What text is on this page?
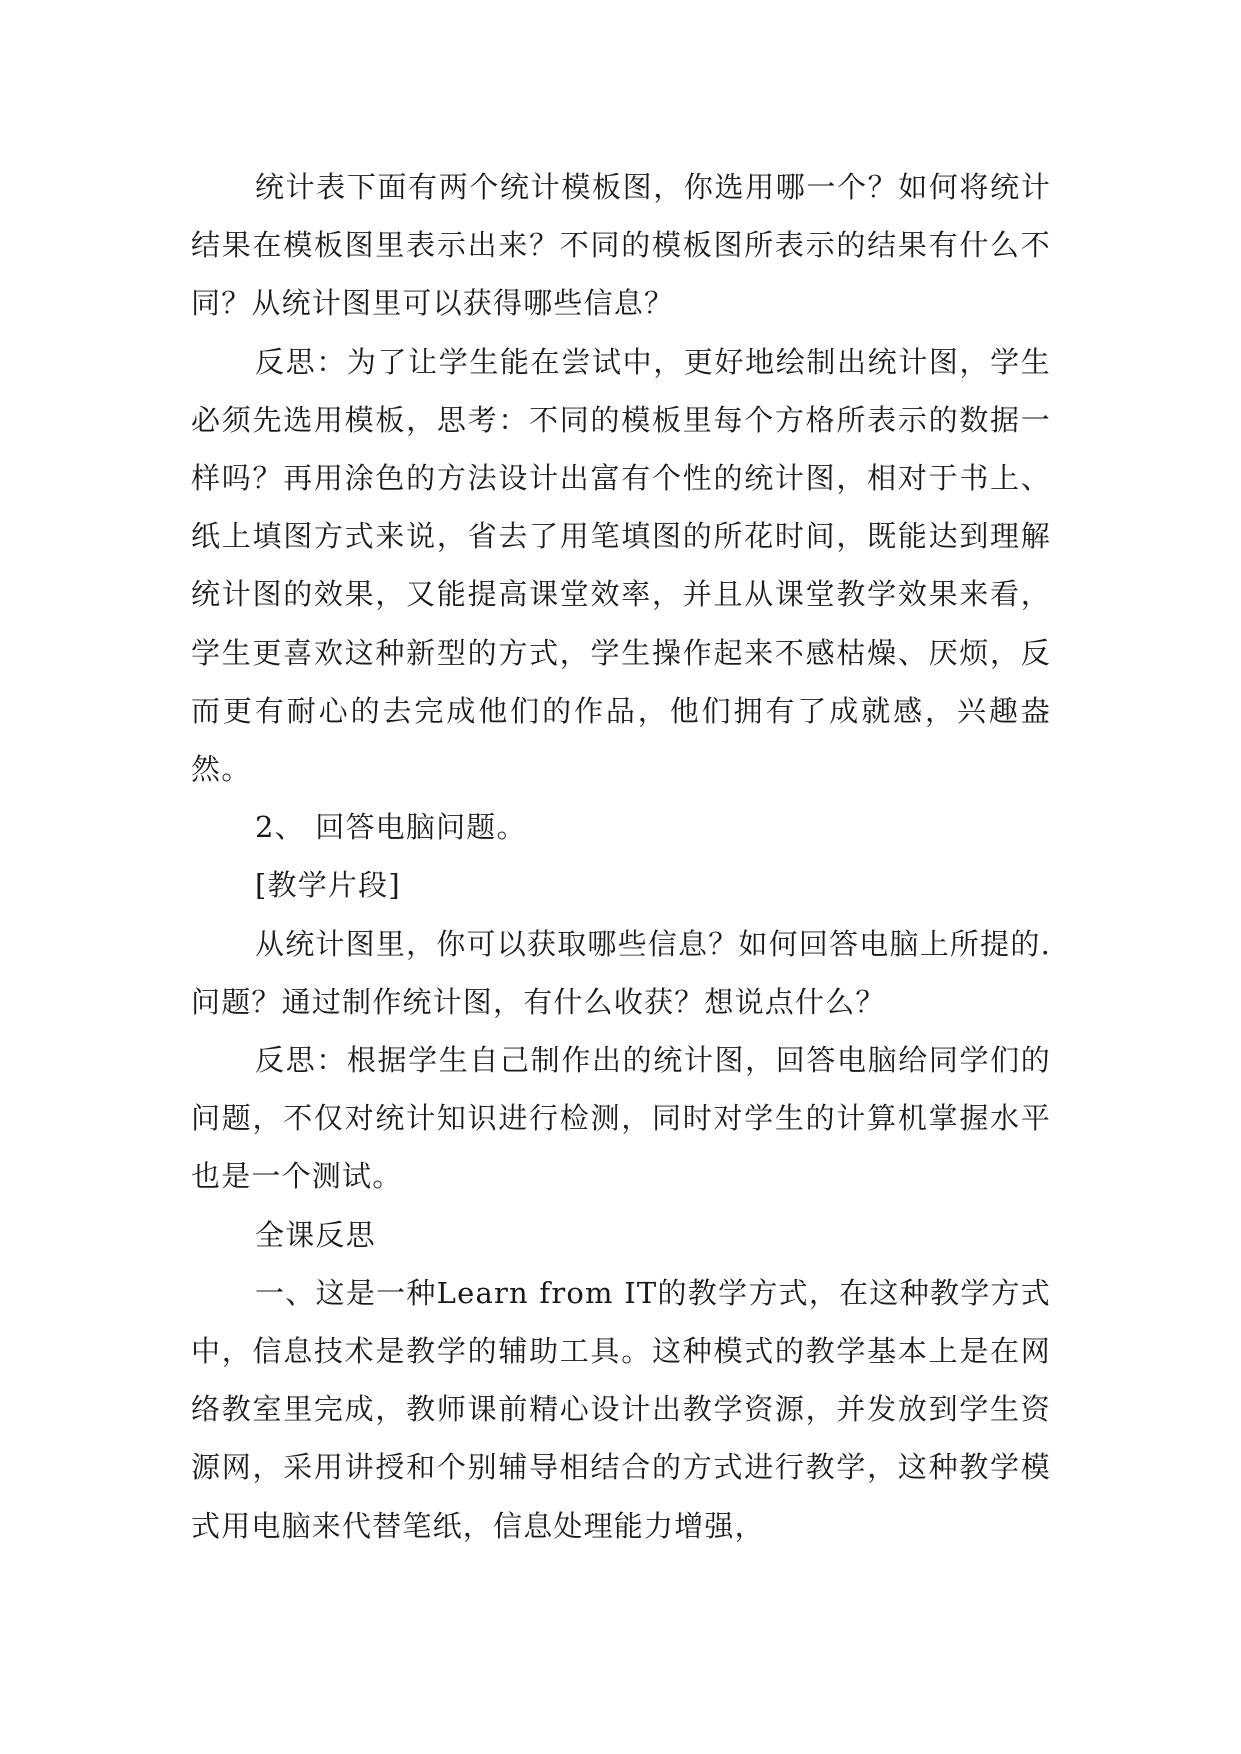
统计表下面有两个统计模板图，你选用哪一个？如何将统计结果在模板图里表示出来？不同的模板图所表示的结果有什么不同？从统计图里可以获得哪些信息？

反思：为了让学生能在尝试中，更好地绘制出统计图，学生必须先选用模板，思考：不同的模板里每个方格所表示的数据一样吗？再用涂色的方法设计出富有个性的统计图，相对于书上、纸上填图方式来说，省去了用笔填图的所花时间，既能达到理解统计图的效果，又能提高课堂效率，并且从课堂教学效果来看，学生更喜欢这种新型的方式，学生操作起来不感枯燥、厌烦，反而更有耐心的去完成他们的作品，他们拥有了成就感，兴趣盎然。

2、 回答电脑问题。

[教学片段]

从统计图里，你可以获取哪些信息？如何回答电脑上所提的.问题？通过制作统计图，有什么收获？想说点什么？

反思：根据学生自己制作出的统计图，回答电脑给同学们的问题，不仅对统计知识进行检测，同时对学生的计算机掌握水平也是一个测试。

全课反思

一、这是一种Learn from IT的教学方式，在这种教学方式中，信息技术是教学的辅助工具。这种模式的教学基本上是在网络教室里完成，教师课前精心设计出教学资源，并发放到学生资源网，采用讲授和个别辅导相结合的方式进行教学，这种教学模式用电脑来代替笔纸，信息处理能力增强，
